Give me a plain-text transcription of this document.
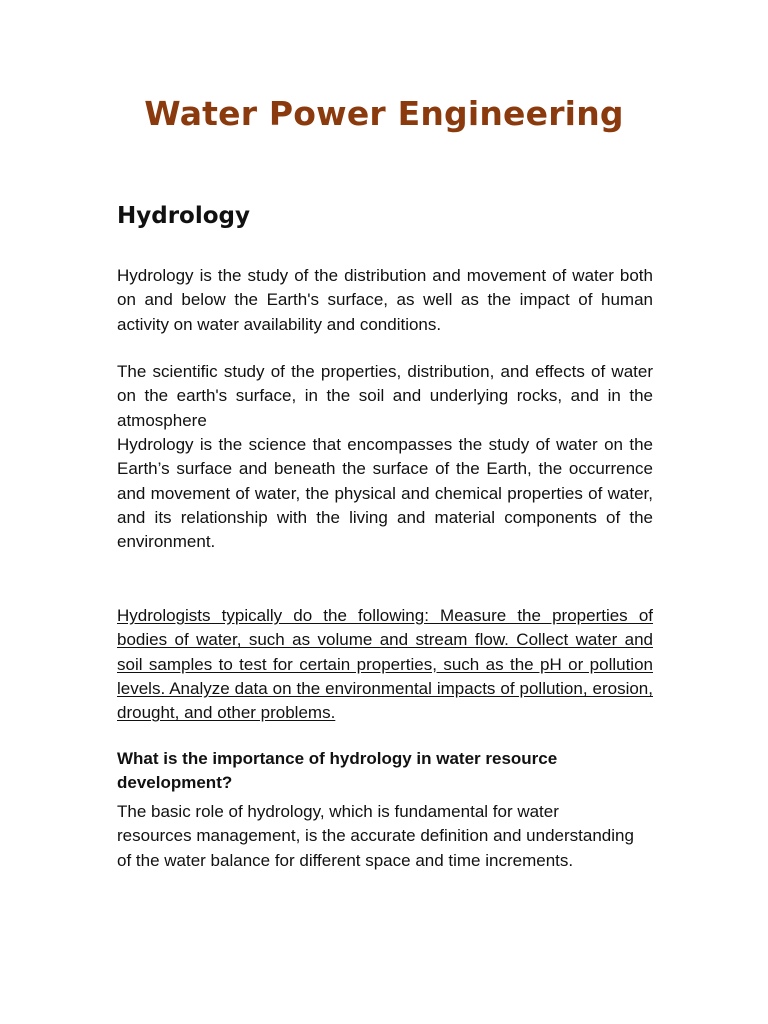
Water Power Engineering
Hydrology

Hydrology is the study of the distribution and movement of water both on and below the Earth's surface, as well as the impact of human activity on water availability and conditions.

The scientific study of the properties, distribution, and effects of water on the earth's surface, in the soil and underlying rocks, and in the atmosphere

Hydrology is the science that encompasses the study of water on the Earth’s surface and beneath the surface of the Earth, the occurrence and movement of water, the physical and chemical properties of water, and its relationship with the living and material components of the environment.

Hydrologists typically do the following: Measure the properties of bodies of water, such as volume and stream flow. Collect water and soil samples to test for certain properties, such as the pH or pollution levels. Analyze data on the environmental impacts of pollution, erosion, drought, and other problems.

What is the importance of hydrology in water resource development?

The basic role of hydrology, which is fundamental for water resources management, is the accurate definition and understanding of the water balance for different space and time increments.
